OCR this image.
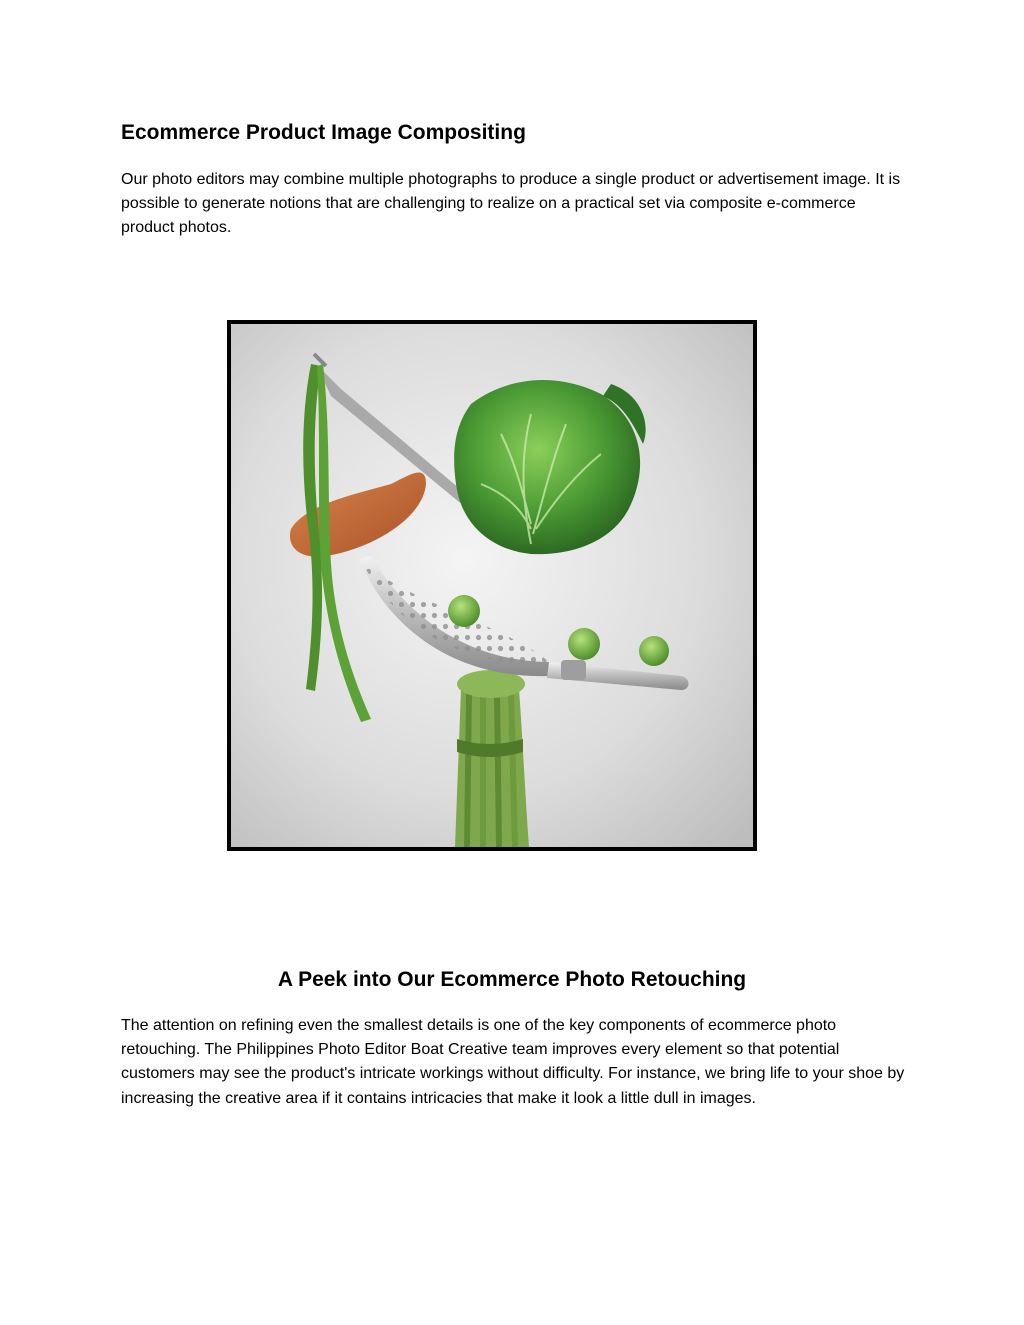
Ecommerce Product Image Compositing

Our photo editors may combine multiple photographs to produce a single product or advertisement image. It is possible to generate notions that are challenging to realize on a practical set via composite e-commerce product photos.

A Peek into Our Ecommerce Photo Retouching

The attention on refining even the smallest details is one of the key components of ecommerce photo retouching. The Philippines Photo Editor Boat Creative team improves every element so that potential customers may see the product's intricate workings without difficulty. For instance, we bring life to your shoe by increasing the creative area if it contains intricacies that make it look a little dull in images.
